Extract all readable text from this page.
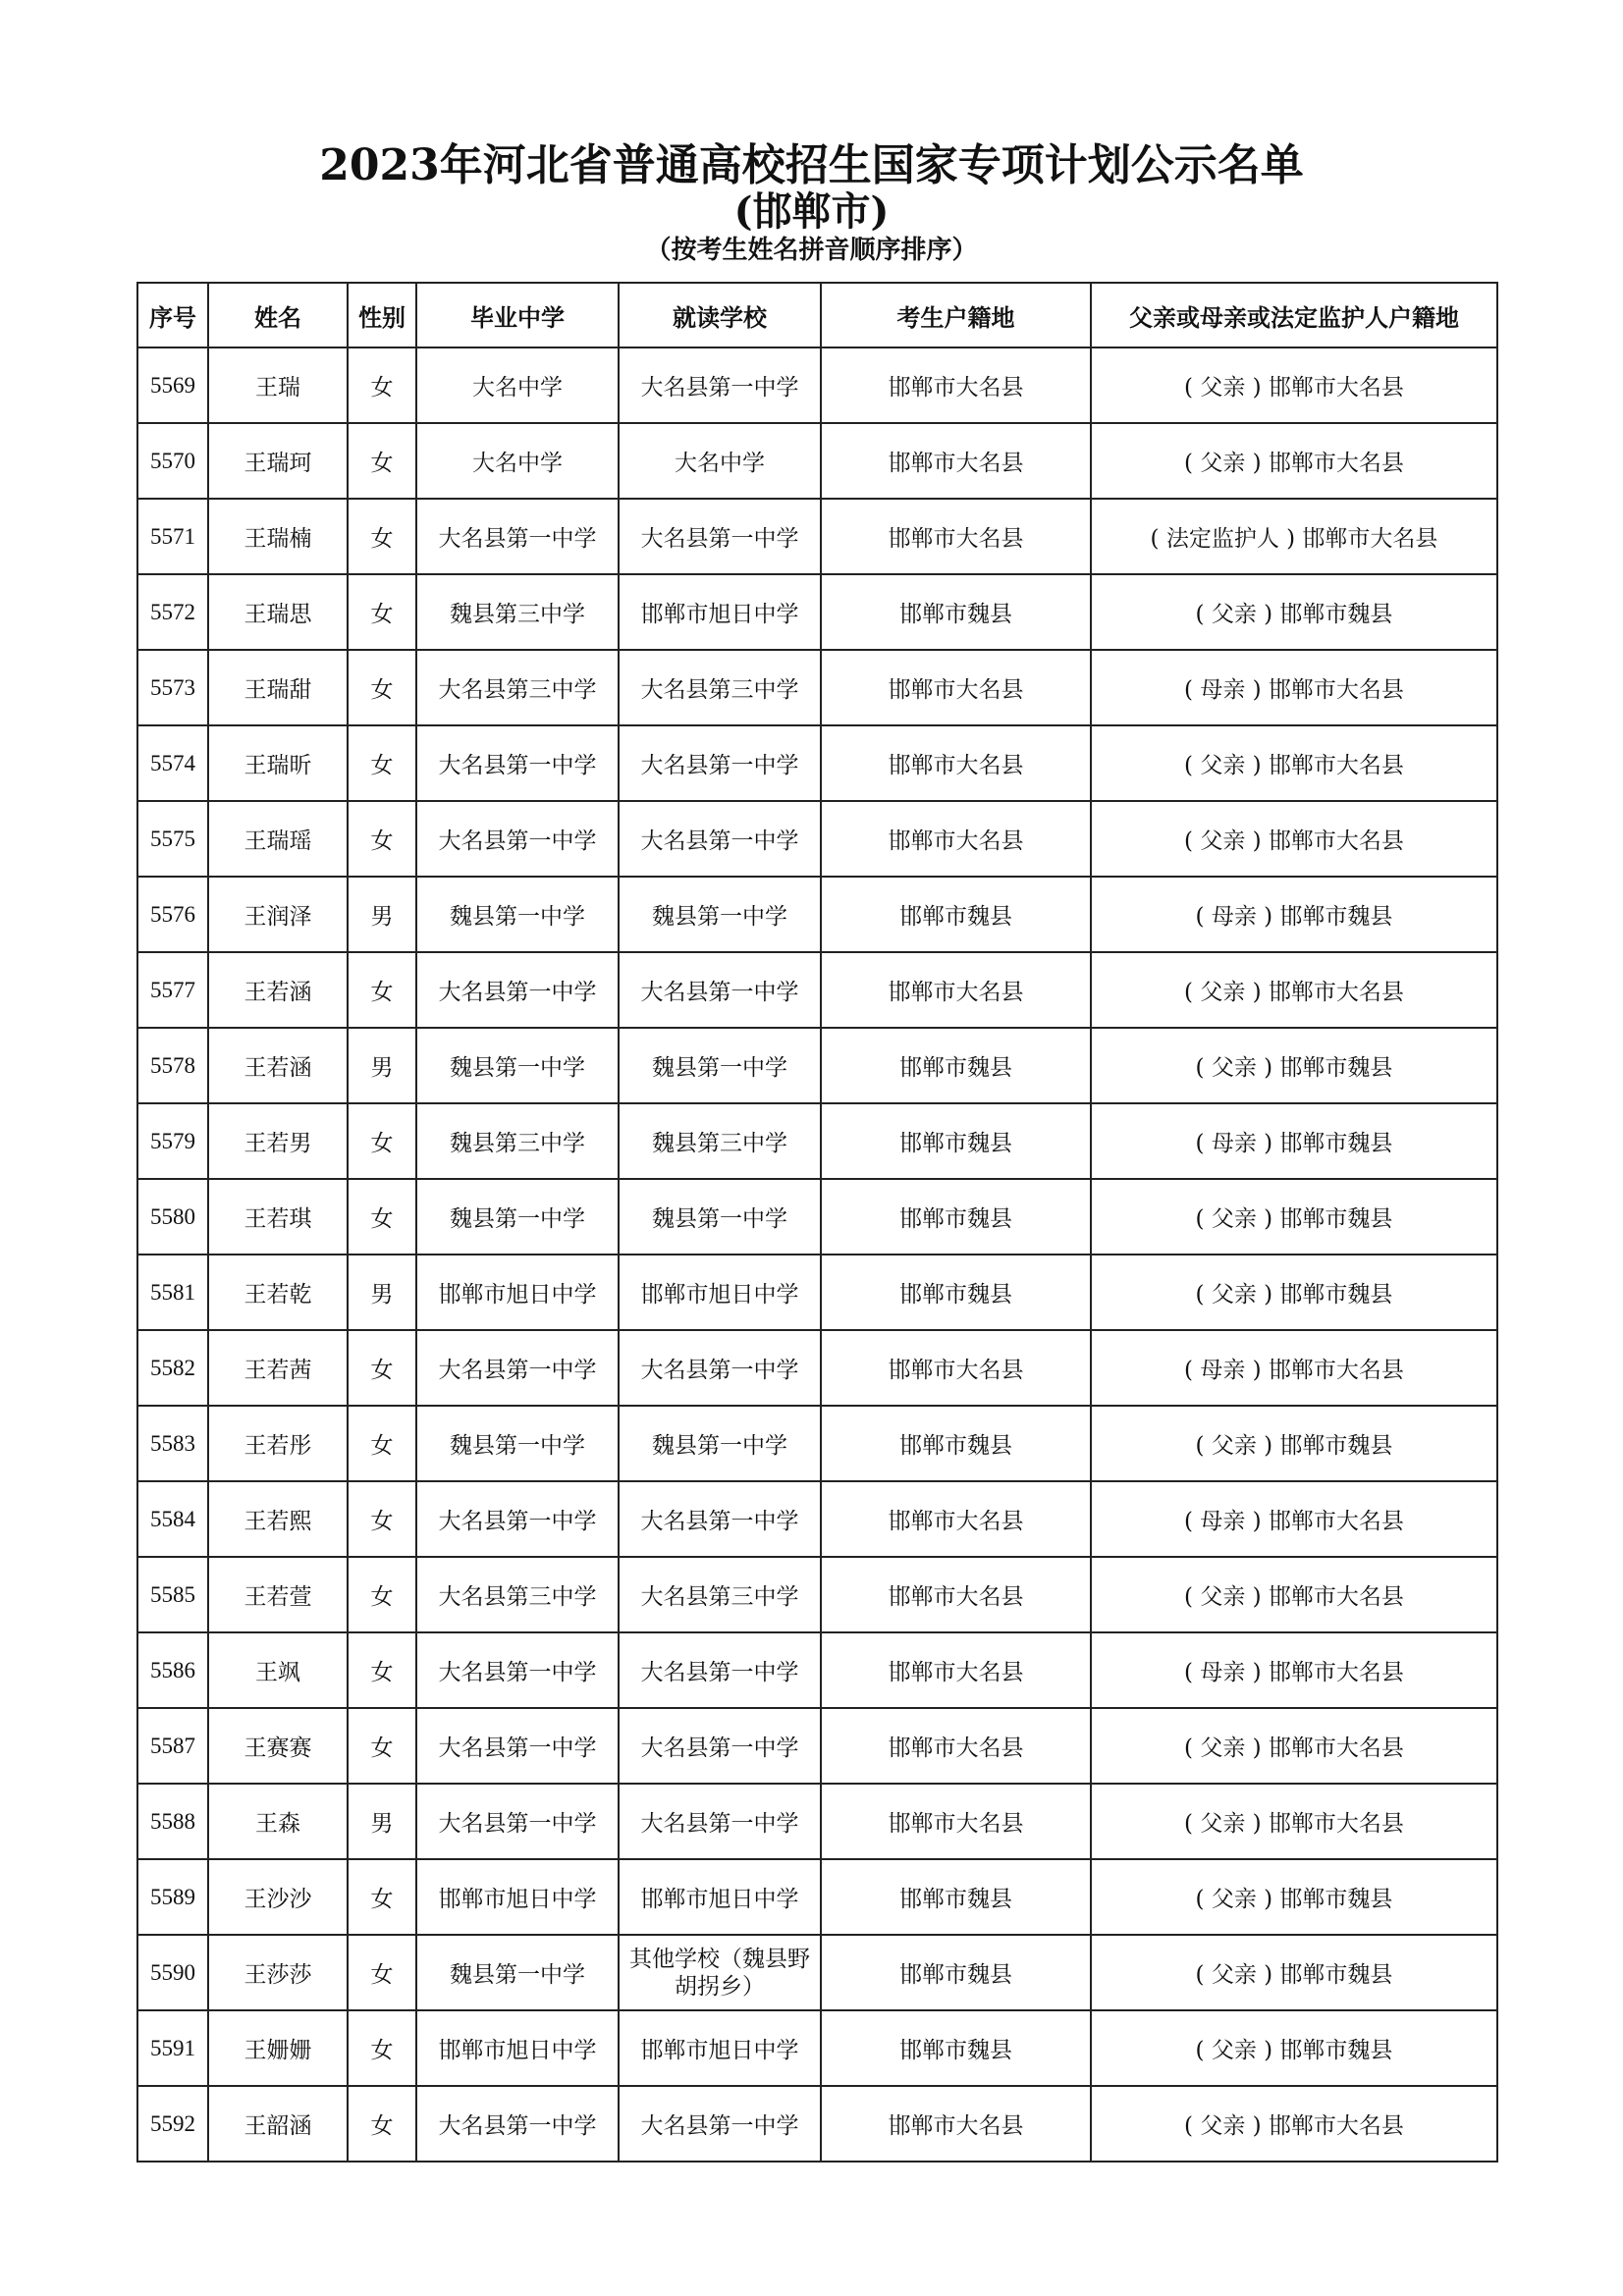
2023年河北省普通高校招生国家专项计划公示名单
(邯郸市)
（按考生姓名拼音顺序排序）
序号	姓名	性别	毕业中学	就读学校	考生户籍地	父亲或母亲或法定监护人户籍地
5569	王瑞	女	大名中学	大名县第一中学	邯郸市大名县	( 父亲 ) 邯郸市大名县
5570	王瑞珂	女	大名中学	大名中学	邯郸市大名县	( 父亲 ) 邯郸市大名县
5571	王瑞楠	女	大名县第一中学	大名县第一中学	邯郸市大名县	( 法定监护人 ) 邯郸市大名县
5572	王瑞思	女	魏县第三中学	邯郸市旭日中学	邯郸市魏县	( 父亲 ) 邯郸市魏县
5573	王瑞甜	女	大名县第三中学	大名县第三中学	邯郸市大名县	( 母亲 ) 邯郸市大名县
5574	王瑞昕	女	大名县第一中学	大名县第一中学	邯郸市大名县	( 父亲 ) 邯郸市大名县
5575	王瑞瑶	女	大名县第一中学	大名县第一中学	邯郸市大名县	( 父亲 ) 邯郸市大名县
5576	王润泽	男	魏县第一中学	魏县第一中学	邯郸市魏县	( 母亲 ) 邯郸市魏县
5577	王若涵	女	大名县第一中学	大名县第一中学	邯郸市大名县	( 父亲 ) 邯郸市大名县
5578	王若涵	男	魏县第一中学	魏县第一中学	邯郸市魏县	( 父亲 ) 邯郸市魏县
5579	王若男	女	魏县第三中学	魏县第三中学	邯郸市魏县	( 母亲 ) 邯郸市魏县
5580	王若琪	女	魏县第一中学	魏县第一中学	邯郸市魏县	( 父亲 ) 邯郸市魏县
5581	王若乾	男	邯郸市旭日中学	邯郸市旭日中学	邯郸市魏县	( 父亲 ) 邯郸市魏县
5582	王若茜	女	大名县第一中学	大名县第一中学	邯郸市大名县	( 母亲 ) 邯郸市大名县
5583	王若彤	女	魏县第一中学	魏县第一中学	邯郸市魏县	( 父亲 ) 邯郸市魏县
5584	王若熙	女	大名县第一中学	大名县第一中学	邯郸市大名县	( 母亲 ) 邯郸市大名县
5585	王若萱	女	大名县第三中学	大名县第三中学	邯郸市大名县	( 父亲 ) 邯郸市大名县
5586	王飒	女	大名县第一中学	大名县第一中学	邯郸市大名县	( 母亲 ) 邯郸市大名县
5587	王赛赛	女	大名县第一中学	大名县第一中学	邯郸市大名县	( 父亲 ) 邯郸市大名县
5588	王森	男	大名县第一中学	大名县第一中学	邯郸市大名县	( 父亲 ) 邯郸市大名县
5589	王沙沙	女	邯郸市旭日中学	邯郸市旭日中学	邯郸市魏县	( 父亲 ) 邯郸市魏县
5590	王莎莎	女	魏县第一中学	其他学校（魏县野胡拐乡）	邯郸市魏县	( 父亲 ) 邯郸市魏县
5591	王姗姗	女	邯郸市旭日中学	邯郸市旭日中学	邯郸市魏县	( 父亲 ) 邯郸市魏县
5592	王韶涵	女	大名县第一中学	大名县第一中学	邯郸市大名县	( 父亲 ) 邯郸市大名县
